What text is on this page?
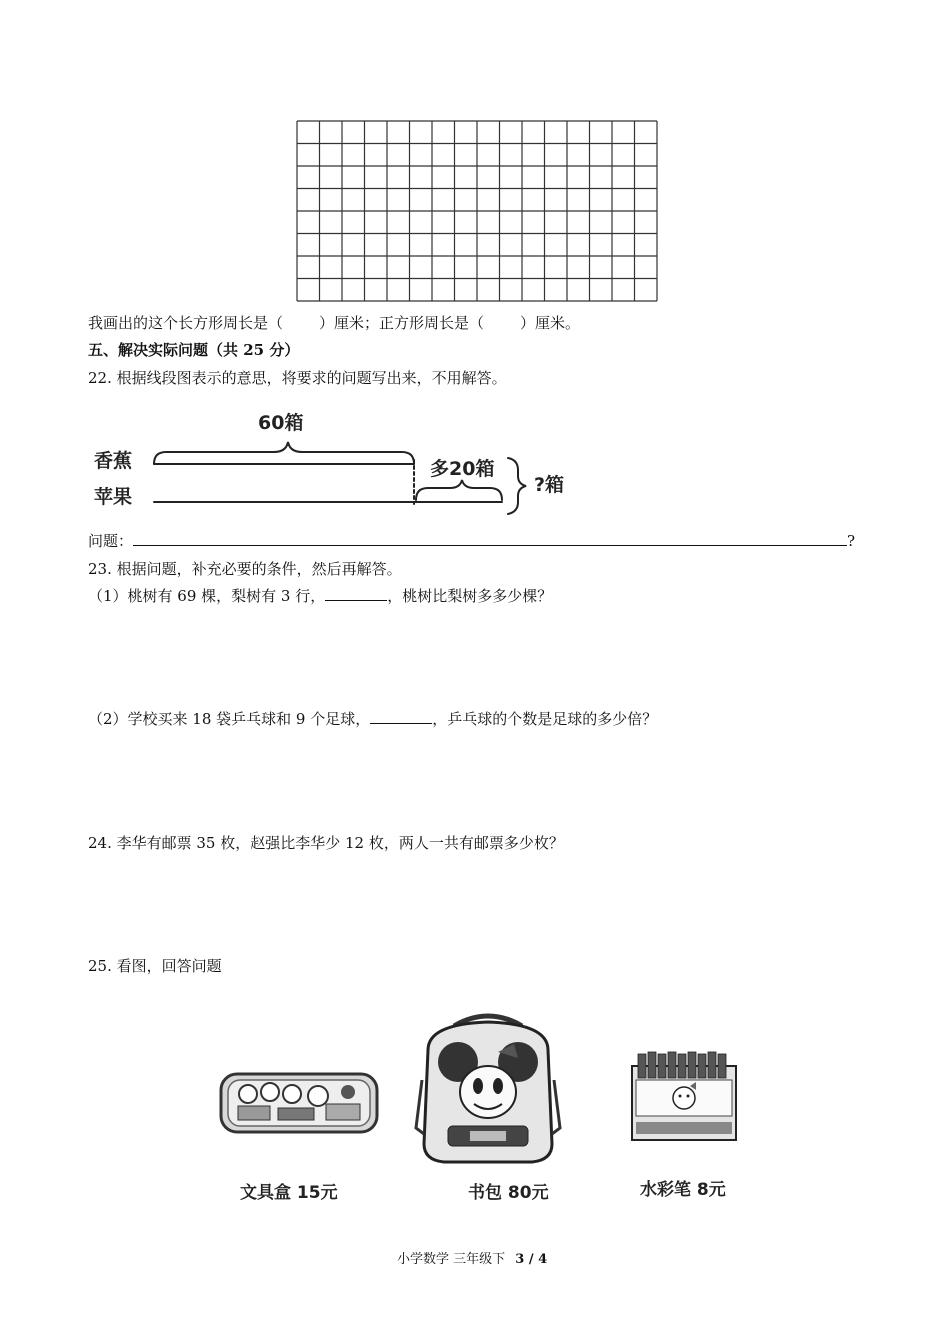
我画出的这个长方形周长是（ ）厘米；正方形周长是（ ）厘米。
五、解决实际问题（共 25 分）
22. 根据线段图表示的意思，将要求的问题写出来，不用解答。
60箱
香蕉
苹果
多20箱
?箱
问题：	?
23. 根据问题，补充必要的条件，然后再解答。
（1）桃树有 69 棵，梨树有 3 行，	，桃树比梨树多多少棵？
（2）学校买来 18 袋乒乓球和 9 个足球，	，乒乓球的个数是足球的多少倍？
24. 李华有邮票 35 枚，赵强比李华少 12 枚，两人一共有邮票多少枚？
25. 看图，回答问题
文具盒 15元	书包 80元	水彩笔 8元
小学数学 三年级下 3 / 4
